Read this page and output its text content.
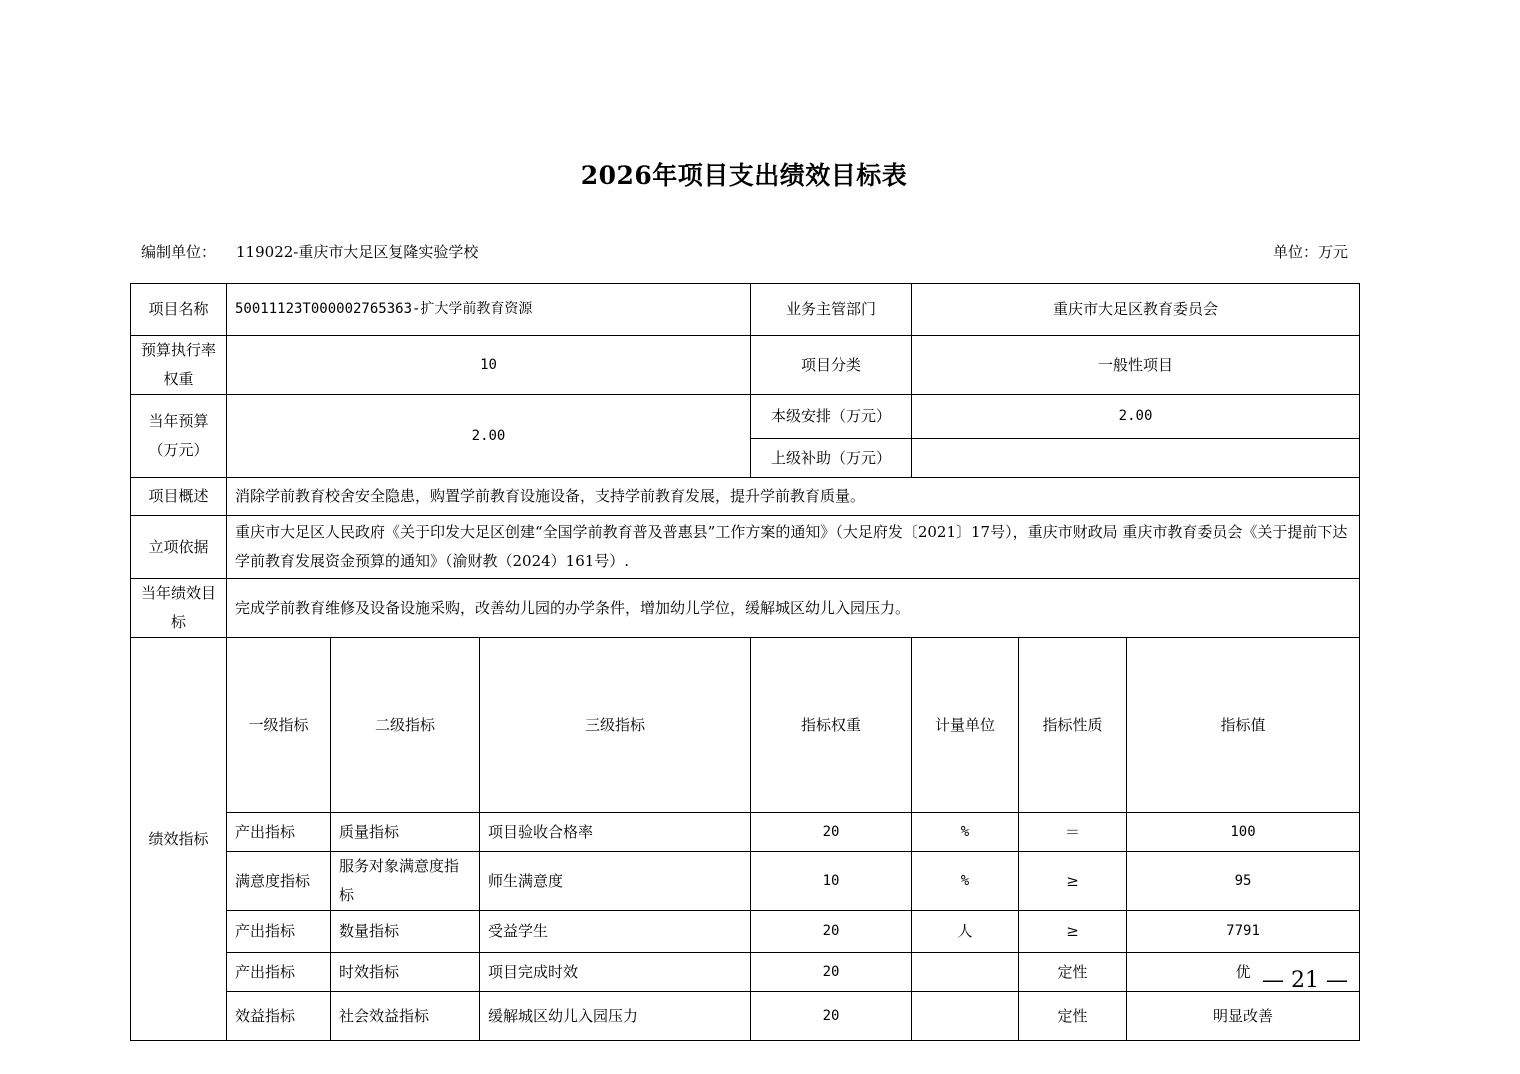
2026年项目支出绩效目标表
编制单位： 119022-重庆市大足区复隆实验学校	单位：万元
项目名称	50011123T000002765363-扩大学前教育资源			业务主管部门	重庆市大足区教育委员会			
预算执行率权重	10			项目分类	一般性项目			
当年预算（万元）	2.00			本级安排（万元）	2.00			
				上级补助（万元）				
项目概述	消除学前教育校舍安全隐患，购置学前教育设施设备，支持学前教育发展，提升学前教育质量。							
立项依据	重庆市大足区人民政府《关于印发大足区创建“全国学前教育普及普惠县”工作方案的通知》（大足府发〔2021〕17号），重庆市财政局 重庆市教育委员会《关于提前下达学前教育发展资金预算的通知》（渝财教（2024）161号）.							
当年绩效目标	完成学前教育维修及设备设施采购，改善幼儿园的办学条件，增加幼儿学位，缓解城区幼儿入园压力。							
绩效指标	一级指标	二级指标	三级指标	指标权重	计量单位	指标性质	指标值	
	产出指标	质量指标	项目验收合格率	20	%	＝	100	
	满意度指标	服务对象满意度指标	师生满意度	10	%	≥	95	
	产出指标	数量指标	受益学生	20	人	≥	7791	
	产出指标	时效指标	项目完成时效	20		定性	优	
	效益指标	社会效益指标	缓解城区幼儿入园压力	20		定性	明显改善	
— 21 —
